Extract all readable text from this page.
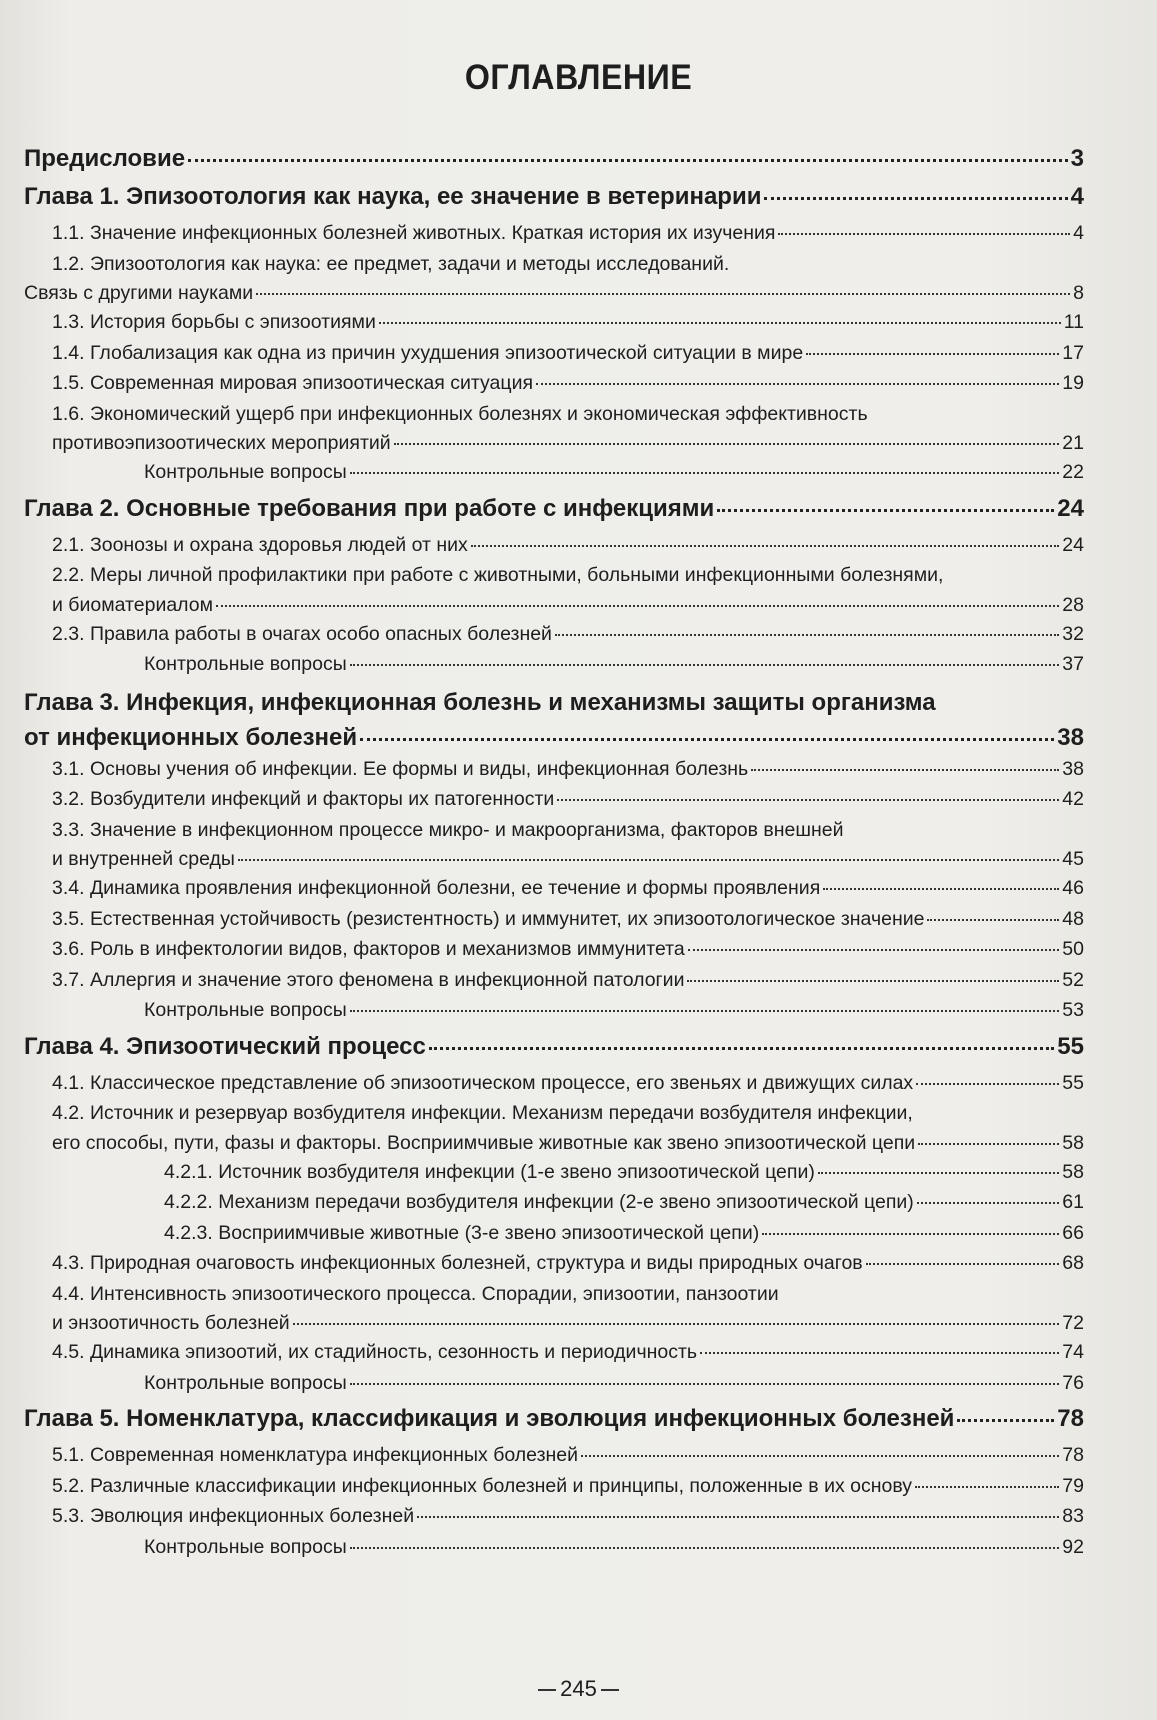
ОГЛАВЛЕНИЕ
Предисловие	3
Глава 1. Эпизоотология как наука, ее значение в ветеринарии	4
1.1. Значение инфекционных болезней животных. Краткая история их изучения	4
1.2. Эпизоотология как наука: ее предмет, задачи и методы исследований.
Связь с другими науками	8
1.3. История борьбы с эпизоотиями	11
1.4. Глобализация как одна из причин ухудшения эпизоотической ситуации в мире	17
1.5. Современная мировая эпизоотическая ситуация	19
1.6. Экономический ущерб при инфекционных болезнях и экономическая эффективность
противоэпизоотических мероприятий	21
Контрольные вопросы	22
Глава 2. Основные требования при работе с инфекциями	24
2.1. Зоонозы и охрана здоровья людей от них	24
2.2. Меры личной профилактики при работе с животными, больными инфекционными болезнями,
и биоматериалом	28
2.3. Правила работы в очагах особо опасных болезней	32
Контрольные вопросы	37
Глава 3. Инфекция, инфекционная болезнь и механизмы защиты организма
от инфекционных болезней	38
3.1. Основы учения об инфекции. Ее формы и виды, инфекционная болезнь	38
3.2. Возбудители инфекций и факторы их патогенности	42
3.3. Значение в инфекционном процессе микро- и макроорганизма, факторов внешней
и внутренней среды	45
3.4. Динамика проявления инфекционной болезни, ее течение и формы проявления	46
3.5. Естественная устойчивость (резистентность) и иммунитет, их эпизоотологическое значение	48
3.6. Роль в инфектологии видов, факторов и механизмов иммунитета	50
3.7. Аллергия и значение этого феномена в инфекционной патологии	52
Контрольные вопросы	53
Глава 4. Эпизоотический процесс	55
4.1. Классическое представление об эпизоотическом процессе, его звеньях и движущих силах	55
4.2. Источник и резервуар возбудителя инфекции. Механизм передачи возбудителя инфекции,
его способы, пути, фазы и факторы. Восприимчивые животные как звено эпизоотической цепи	58
4.2.1. Источник возбудителя инфекции (1-е звено эпизоотической цепи)	58
4.2.2. Механизм передачи возбудителя инфекции (2-е звено эпизоотической цепи)	61
4.2.3. Восприимчивые животные (3-е звено эпизоотической цепи)	66
4.3. Природная очаговость инфекционных болезней, структура и виды природных очагов	68
4.4. Интенсивность эпизоотического процесса. Спорадии, эпизоотии, панзоотии
и энзоотичность болезней	72
4.5. Динамика эпизоотий, их стадийность, сезонность и периодичность	74
Контрольные вопросы	76
Глава 5. Номенклатура, классификация и эволюция инфекционных болезней	78
5.1. Современная номенклатура инфекционных болезней	78
5.2. Различные классификации инфекционных болезней и принципы, положенные в их основу	79
5.3. Эволюция инфекционных болезней	83
Контрольные вопросы	92
245
